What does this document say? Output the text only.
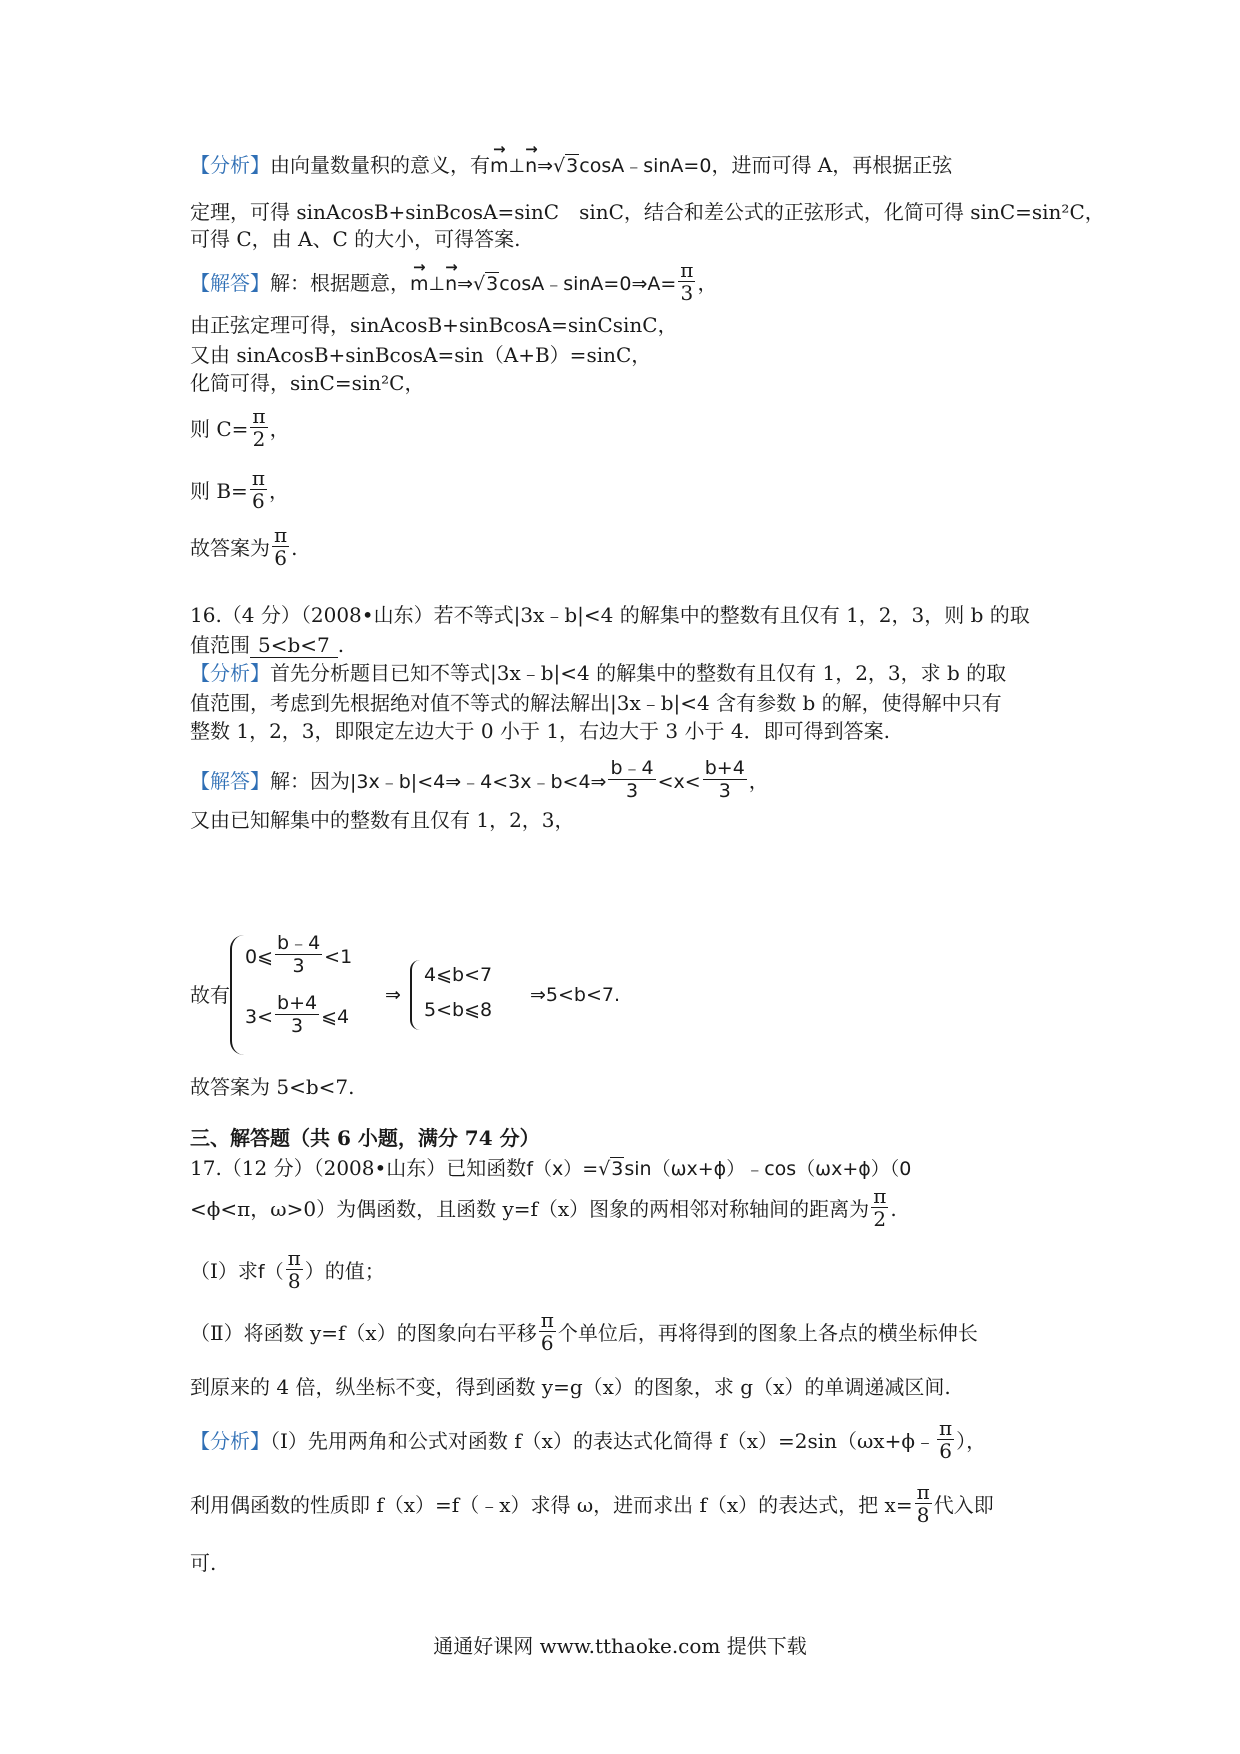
【分析】由向量数量积的意义，有→ m⊥→ n⇒√3cosA﹣sinA=0，进而可得 A，再根据正弦
定理，可得 sinAcosB+sinBcosA=sinC　sinC，结合和差公式的正弦形式，化简可得 sinC=sin²C，
可得 C，由 A、C 的大小，可得答案.
【解答】解：根据题意，→ m⊥→ n⇒√3cosA﹣sinA=0⇒A= $\frac{\pi}{3}$ ，
由正弦定理可得，sinAcosB+sinBcosA=sinCsinC，
又由 sinAcosB+sinBcosA=sin（A+B）=sinC，
化简可得，sinC=sin²C，
则 $C= \frac{\pi}{2}$ ，
则 $B= \frac{\pi}{6}$ ，
故答案为 $\frac{\pi}{6}$ .
16.（4 分）（2008•山东）若不等式|3x﹣b|<4 的解集中的整数有且仅有 1，2，3，则 b 的取
值范围 5<b<7 .
【分析】首先分析题目已知不等式|3x﹣b|<4 的解集中的整数有且仅有 1，2，3，求 b 的取
值范围，考虑到先根据绝对值不等式的解法解出|3x﹣b|<4 含有参数 b 的解，使得解中只有
整数 1，2，3，即限定左边大于 0 小于 1，右边大于 3 小于 4．即可得到答案.
【解答】解：因为|3x﹣b|<4⇒﹣4<3x﹣b<4⇒ $\frac{b﹣4}{3} <x< \frac{b+4}{3}$ ，
又由已知解集中的整数有且仅有 1，2，3，
故有
0⩽ $\frac{b﹣4}{3} <1$
$3< \frac{b+4}{3}$ ⩽4
⇒
4⩽b<7
5<b⩽8
⇒5<b<7.
故答案为 5<b<7.
三、解答题（共 6 小题，满分 74 分）
17.（12 分）（2008•山东）已知函数f（x）=√3sin（ωx+ϕ）﹣cos（ωx+ϕ）（0
<ϕ<π，ω>0）为偶函数，且函数 y=f（x）图象的两相邻对称轴间的距离为 $\frac{\pi}{2}$ .
（Ⅰ）求$f( \frac{\pi}{8}$ ）的值；
（Ⅱ）将函数 y=f（x）的图象向右平移 $\frac{\pi}{6}$ 个单位后，再将得到的图象上各点的横坐标伸长
到原来的 4 倍，纵坐标不变，得到函数 y=g（x）的图象，求 g（x）的单调递减区间.
【分析】（Ⅰ）先用两角和公式对函数 f（x）的表达式化简得 f（x）=2sin（ωx+ϕ﹣ $\frac{\pi}{6}$ ），
利用偶函数的性质即 f（x）=f（﹣x）求得 ω，进而求出 f（x）的表达式，把 $x= \frac{\pi}{8}$ 代入即
可.
通通好课网 www.tthaoke.com 提供下载
